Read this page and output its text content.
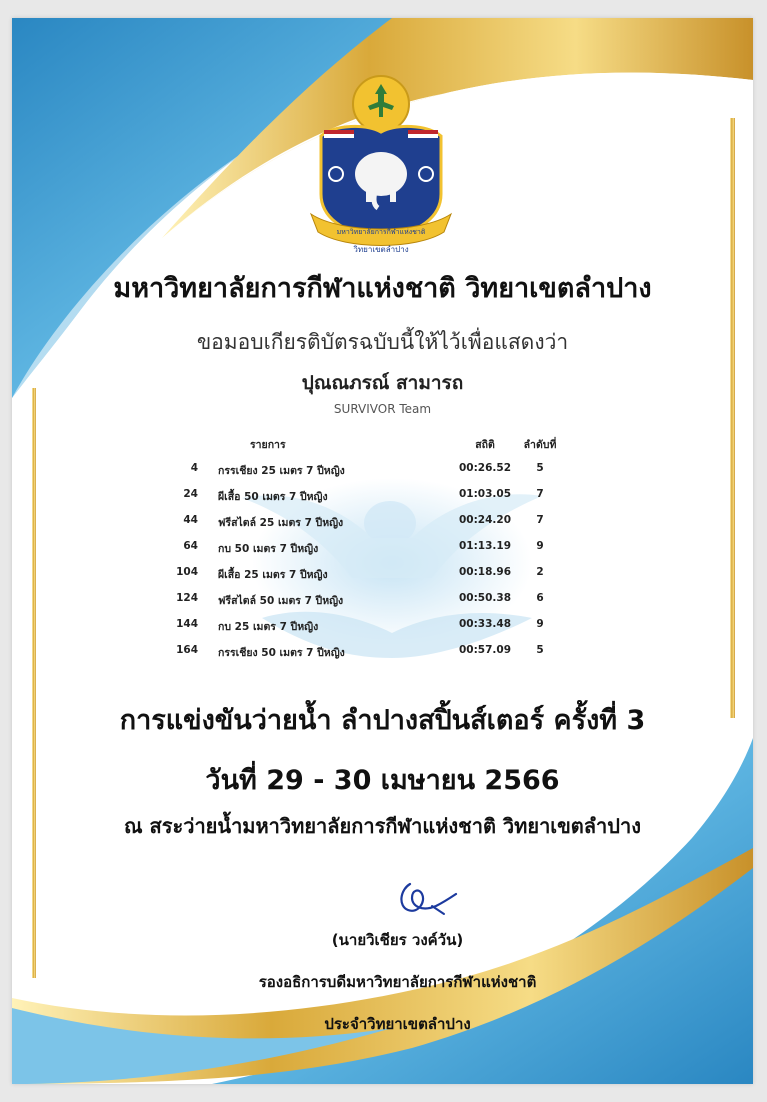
มหาวิทยาลัยการกีฬาแห่งชาติ
วิทยาเขตลำปาง
มหาวิทยาลัยการกีฬาแห่งชาติ วิทยาเขตลำปาง
ขอมอบเกียรติบัตรฉบับนี้ให้ไว้เพื่อแสดงว่า
ปุณณภรณ์ สามารถ
SURVIVOR Team
รายการ	สถิติ	ลำดับที่
4 กรรเชียง 25 เมตร 7 ปีหญิง	00:26.52	5
24 ผีเสื้อ 50 เมตร 7 ปีหญิง	01:03.05	7
44 ฟรีสไตล์ 25 เมตร 7 ปีหญิง	00:24.20	7
64 กบ 50 เมตร 7 ปีหญิง	01:13.19	9
104 ผีเสื้อ 25 เมตร 7 ปีหญิง	00:18.96	2
124 ฟรีสไตล์ 50 เมตร 7 ปีหญิง	00:50.38	6
144 กบ 25 เมตร 7 ปีหญิง	00:33.48	9
164 กรรเชียง 50 เมตร 7 ปีหญิง	00:57.09	5
การแข่งขันว่ายน้ำ ลำปางสปิ้นส์เตอร์ ครั้งที่ 3
วันที่ 29 - 30 เมษายน 2566
ณ สระว่ายน้ำมหาวิทยาลัยการกีฬาแห่งชาติ วิทยาเขตลำปาง
(นายวิเชียร วงค์วัน)
รองอธิการบดีมหาวิทยาลัยการกีฬาแห่งชาติ
ประจำวิทยาเขตลำปาง
